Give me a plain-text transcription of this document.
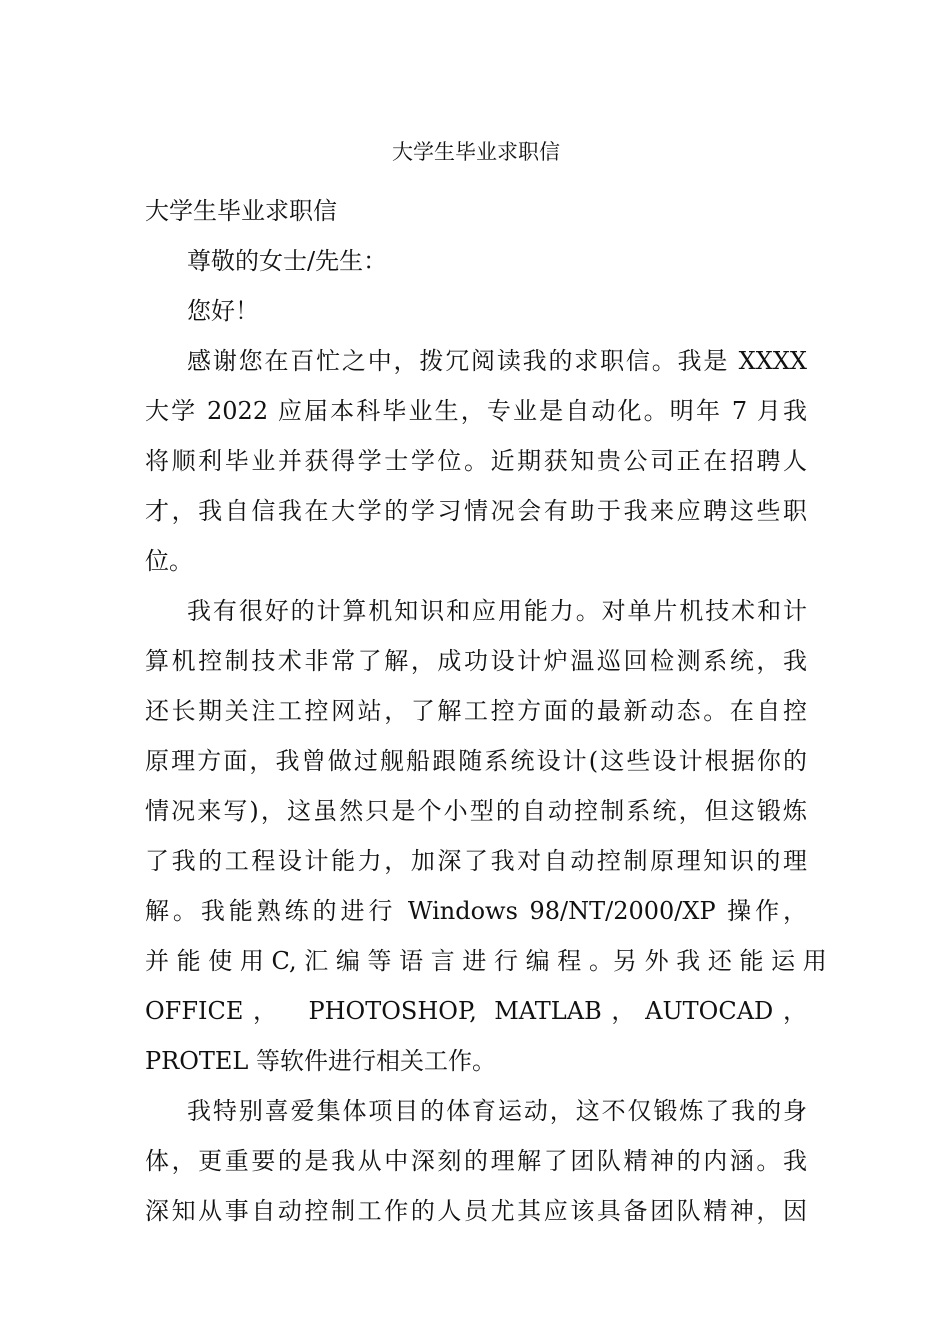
大学生毕业求职信

大学生毕业求职信

尊敬的女士/先生：

您好！

感谢您在百忙之中，拨冗阅读我的求职信。我是 XXXX

大学 2022 应届本科毕业生，专业是自动化。明年 7 月我

将顺利毕业并获得学士学位。近期获知贵公司正在招聘人

才，我自信我在大学的学习情况会有助于我来应聘这些职

位。

我有很好的计算机知识和应用能力。对单片机技术和计

算机控制技术非常了解，成功设计炉温巡回检测系统，我

还长期关注工控网站，了解工控方面的最新动态。在自控

原理方面，我曾做过舰船跟随系统设计(这些设计根据你的

情况来写)，这虽然只是个小型的自动控制系统，但这锻炼

了我的工程设计能力，加深了我对自动控制原理知识的理

解。我能熟练的进行 Windows 98/NT/2000/XP 操作，

并 能 使 用 C, 汇 编 等 语 言 进 行 编 程 。另 外 我 还 能 运 用

OFFICE，　PHOTOSHOP, MATLAB，AUTOCAD，

PROTEL 等软件进行相关工作。

我特别喜爱集体项目的体育运动，这不仅锻炼了我的身

体，更重要的是我从中深刻的理解了团队精神的内涵。我

深知从事自动控制工作的人员尤其应该具备团队精神，因
